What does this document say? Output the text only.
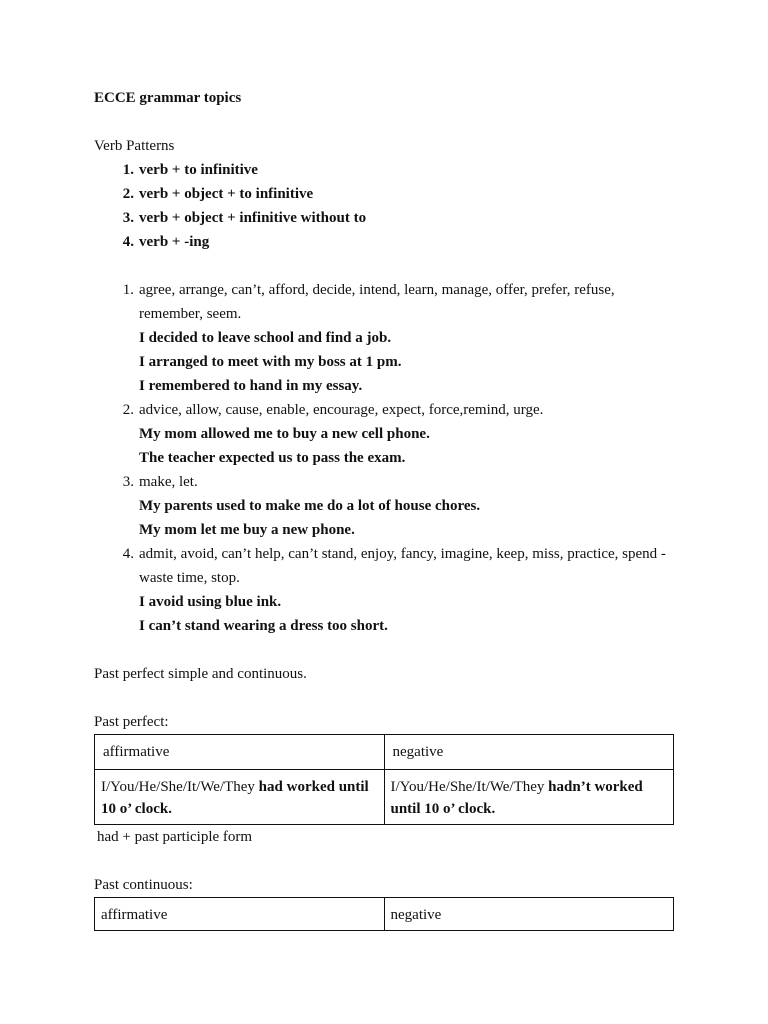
ECCE grammar topics
Verb Patterns
1. verb + to infinitive
2. verb + object + to infinitive
3. verb + object + infinitive without to
4. verb + -ing
1. agree, arrange, can’t, afford, decide, intend, learn, manage, offer, prefer, refuse, remember, seem.
I decided to leave school and find a job.
I arranged to meet with my boss at 1 pm.
I remembered to hand in my essay.
2. advice, allow, cause, enable, encourage, expect, force,remind, urge.
My mom allowed me to buy a new cell phone.
The teacher expected us to pass the exam.
3. make, let.
My parents used to make me do a lot of house chores.
My mom let me buy a new phone.
4. admit, avoid, can’t help, can’t stand, enjoy, fancy, imagine, keep, miss, practice, spend - waste time, stop.
I avoid using blue ink.
I can’t stand wearing a dress too short.
Past perfect simple and continuous.
Past perfect:
affirmative	negative
I/You/He/She/It/We/They had worked until 10 o’ clock.	I/You/He/She/It/We/They hadn’t worked until 10 o’ clock.
had + past participle form
Past continuous:
affirmative	negative
